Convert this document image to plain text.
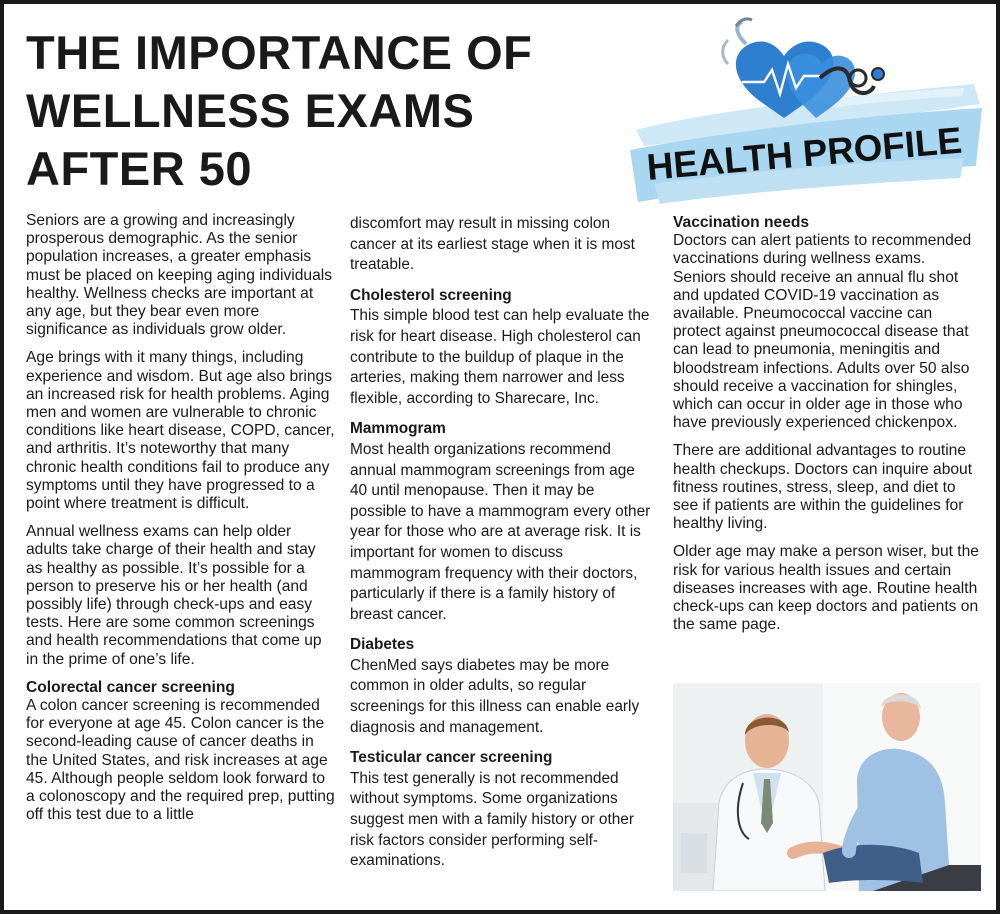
THE IMPORTANCE OF
WELLNESS EXAMS
AFTER 50	HEALTH PROFILE

Seniors are a growing and increasingly prosperous demographic. As the senior population increases, a greater emphasis must be placed on keeping aging individuals healthy. Wellness checks are important at any age, but they bear even more significance as individuals grow older.

Age brings with it many things, including experience and wisdom. But age also brings an increased risk for health problems. Aging men and women are vulnerable to chronic conditions like heart disease, COPD, cancer, and arthritis. It’s noteworthy that many chronic health conditions fail to produce any symptoms until they have progressed to a point where treatment is difficult.

Annual wellness exams can help older adults take charge of their health and stay as healthy as possible. It’s possible for a person to preserve his or her health (and possibly life) through check-ups and easy tests. Here are some common screenings and health recommendations that come up in the prime of one’s life.

Colorectal cancer screening

A colon cancer screening is recommended for everyone at age 45. Colon cancer is the second-leading cause of cancer deaths in the United States, and risk increases at age 45. Although people seldom look forward to a colonoscopy and the required prep, putting off this test due to a little

discomfort may result in missing colon cancer at its earliest stage when it is most treatable.

Cholesterol screening

This simple blood test can help evaluate the risk for heart disease. High cholesterol can contribute to the buildup of plaque in the arteries, making them narrower and less flexible, according to Sharecare, Inc.

Mammogram

Most health organizations recommend annual mammogram screenings from age 40 until menopause. Then it may be possible to have a mammogram every other year for those who are at average risk. It is important for women to discuss mammogram frequency with their doctors, particularly if there is a family history of breast cancer.

Diabetes

ChenMed says diabetes may be more common in older adults, so regular screenings for this illness can enable early diagnosis and management.

Testicular cancer screening

This test generally is not recommended without symptoms. Some organizations suggest men with a family history or other risk factors consider performing self-examinations.

Vaccination needs

Doctors can alert patients to recommended vaccinations during wellness exams. Seniors should receive an annual flu shot and updated COVID-19 vaccination as available. Pneumococcal vaccine can protect against pneumococcal disease that can lead to pneumonia, meningitis and bloodstream infections. Adults over 50 also should receive a vaccination for shingles, which can occur in older age in those who have previously experienced chickenpox.

There are additional advantages to routine health checkups. Doctors can inquire about fitness routines, stress, sleep, and diet to see if patients are within the guidelines for healthy living.

Older age may make a person wiser, but the risk for various health issues and certain diseases increases with age. Routine health check-ups can keep doctors and patients on the same page.
